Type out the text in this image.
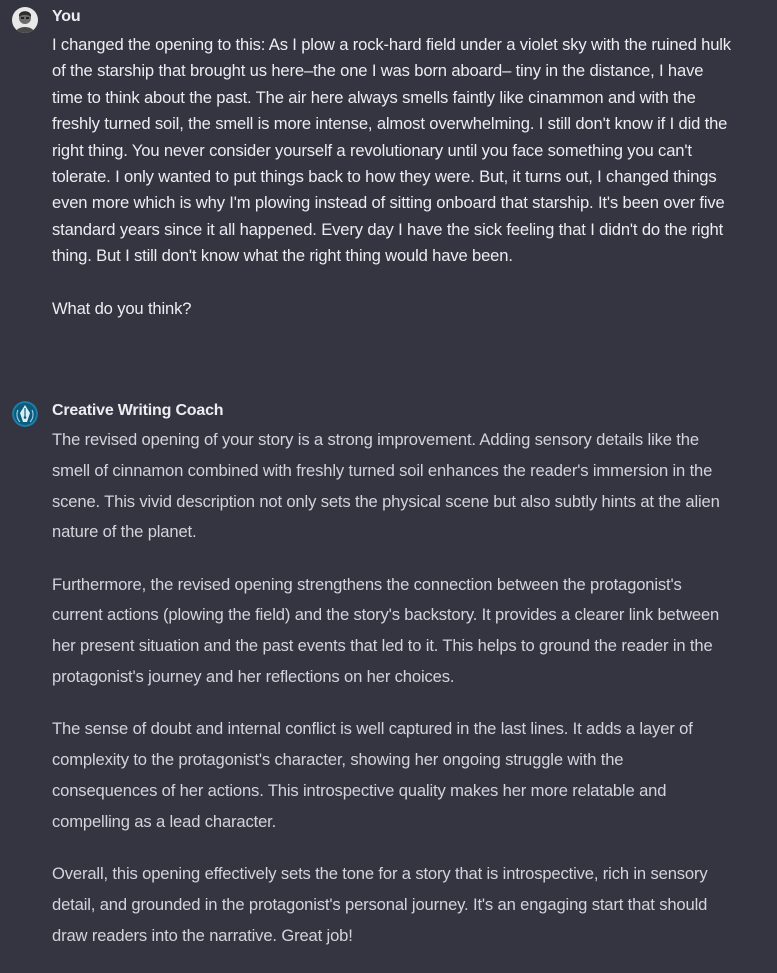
You

I changed the opening to this: As I plow a rock-hard field under a violet sky with the ruined hulk of the starship that brought us here–the one I was born aboard– tiny in the distance, I have time to think about the past. The air here always smells faintly like cinammon and with the freshly turned soil, the smell is more intense, almost overwhelming. I still don't know if I did the right thing. You never consider yourself a revolutionary until you face something you can't tolerate. I only wanted to put things back to how they were. But, it turns out, I changed things even more which is why I'm plowing instead of sitting onboard that starship. It's been over five standard years since it all happened. Every day I have the sick feeling that I didn't do the right thing. But I still don't know what the right thing would have been.

What do you think?

Creative Writing Coach

The revised opening of your story is a strong improvement. Adding sensory details like the smell of cinnamon combined with freshly turned soil enhances the reader's immersion in the scene. This vivid description not only sets the physical scene but also subtly hints at the alien nature of the planet.

Furthermore, the revised opening strengthens the connection between the protagonist's current actions (plowing the field) and the story's backstory. It provides a clearer link between her present situation and the past events that led to it. This helps to ground the reader in the protagonist's journey and her reflections on her choices.

The sense of doubt and internal conflict is well captured in the last lines. It adds a layer of complexity to the protagonist's character, showing her ongoing struggle with the consequences of her actions. This introspective quality makes her more relatable and compelling as a lead character.

Overall, this opening effectively sets the tone for a story that is introspective, rich in sensory detail, and grounded in the protagonist's personal journey. It's an engaging start that should draw readers into the narrative. Great job!
